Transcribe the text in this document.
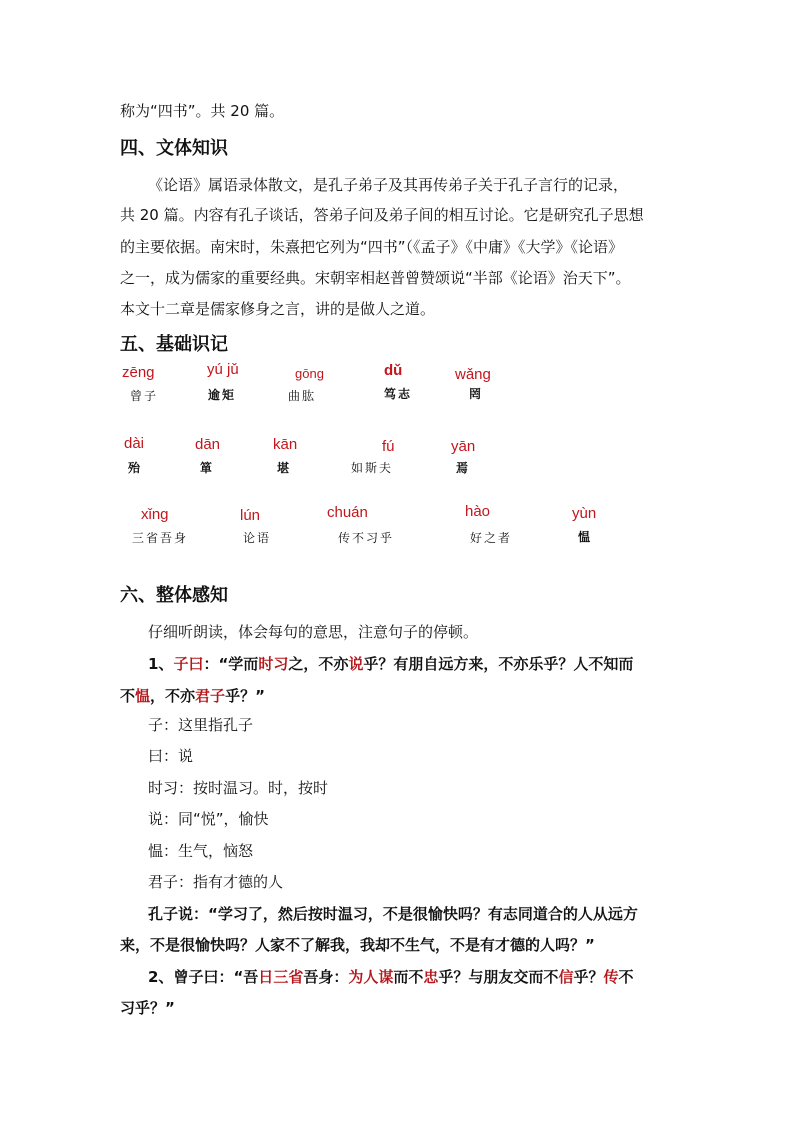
称为“四书”。共 20 篇。
四、文体知识
《论语》属语录体散文，是孔子弟子及其再传弟子关于孔子言行的记录，
共 20 篇。内容有孔子谈话，答弟子问及弟子间的相互讨论。它是研究孔子思想
的主要依据。南宋时，朱熹把它列为“四书”（《孟子》《中庸》《大学》《论语》
之一，成为儒家的重要经典。宋朝宰相赵普曾赞颂说“半部《论语》治天下”。
本文十二章是儒家修身之言，讲的是做人之道。
五、基础识记
zēng
曾子
yú jǔ
逾矩
gōng
曲肱
dǔ
笃志
wǎng
罔
dài
殆
dān
箪
kān
堪
fú
如斯夫
yān
焉
xǐng
三省吾身
lún
论语
chuán
传不习乎
hào
好之者
yùn
愠
六、整体感知
仔细听朗读，体会每句的意思，注意句子的停顿。
1、子曰：“学而时习之，不亦说乎？有朋自远方来，不亦乐乎？人不知而
不愠，不亦君子乎？”
子：这里指孔子
曰：说
时习：按时温习。时，按时
说：同“悦”，愉快
愠：生气，恼怒
君子：指有才德的人
孔子说：“学习了，然后按时温习，不是很愉快吗？有志同道合的人从远方
来，不是很愉快吗？人家不了解我，我却不生气，不是有才德的人吗？”
2、曾子曰：“吾日三省吾身：为人谋而不忠乎？与朋友交而不信乎？传不
习乎？”
